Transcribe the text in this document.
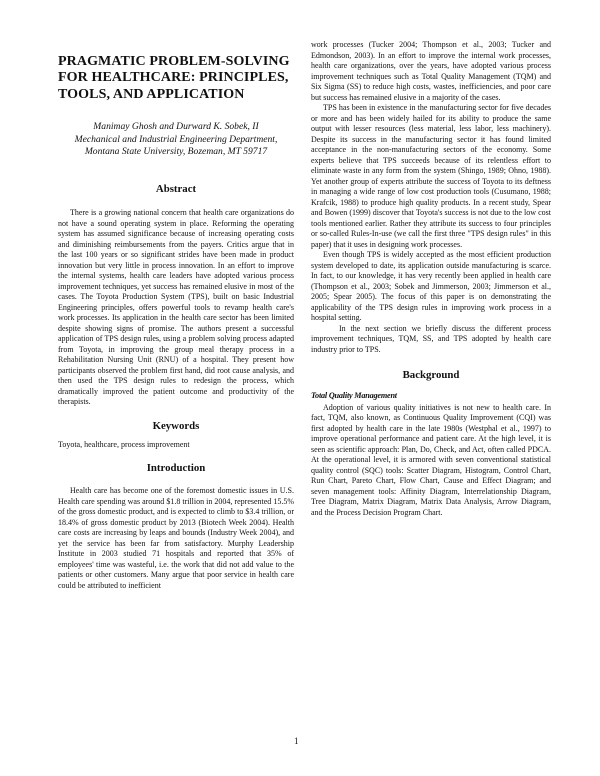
PRAGMATIC PROBLEM-SOLVING FOR HEALTHCARE: PRINCIPLES, TOOLS, AND APPLICATION
Manimay Ghosh and Durward K. Sobek, II
Mechanical and Industrial Engineering Department,
Montana State University, Bozeman, MT 59717
Abstract

There is a growing national concern that health care organizations do not have a sound operating system in place. Reforming the operating system has assumed significance because of increasing operating costs and diminishing reimbursements from the payers. Critics argue that in the last 100 years or so significant strides have been made in product innovation but very little in process innovation. In an effort to improve the internal systems, health care leaders have adopted various process improvement techniques, yet success has remained elusive in most of the cases. The Toyota Production System (TPS), built on basic Industrial Engineering principles, offers powerful tools to revamp health care's work processes. Its application in the health care sector has been limited despite showing signs of promise. The authors present a successful application of TPS design rules, using a problem solving process adapted from Toyota, in improving the group meal therapy process in a Rehabilitation Nursing Unit (RNU) of a hospital. They present how participants observed the problem first hand, did root cause analysis, and then used the TPS design rules to redesign the process, which dramatically improved the patient outcome and productivity of the therapists.

Keywords

Toyota, healthcare, process improvement

Introduction

Health care has become one of the foremost domestic issues in U.S. Health care spending was around $1.8 trillion in 2004, represented 15.5% of the gross domestic product, and is expected to climb to $3.4 trillion, or 18.4% of gross domestic product by 2013 (Biotech Week 2004). Health care costs are increasing by leaps and bounds (Industry Week 2004), and yet the service has been far from satisfactory. Murphy Leadership Institute in 2003 studied 71 hospitals and reported that 35% of employees' time was wasteful, i.e. the work that did not add value to the patients or other customers. Many argue that poor service in health care could be attributed to inefficient

work processes (Tucker 2004; Thompson et al., 2003; Tucker and Edmondson, 2003). In an effort to improve the internal work processes, health care organizations, over the years, have adopted various process improvement techniques such as Total Quality Management (TQM) and Six Sigma (SS) to reduce high costs, wastes, inefficiencies, and poor care but success has remained elusive in a majority of the cases.

TPS has been in existence in the manufacturing sector for five decades or more and has been widely hailed for its ability to produce the same output with lesser resources (less material, less labor, less machinery). Despite its success in the manufacturing sector it has found limited acceptance in the non-manufacturing sectors of the economy. Some experts believe that TPS succeeds because of its relentless effort to eliminate waste in any form from the system (Shingo, 1989; Ohno, 1988). Yet another group of experts attribute the success of Toyota to its deftness in managing a wide range of low cost production tools (Cusumano, 1988; Krafcik, 1988) to produce high quality products. In a recent study, Spear and Bowen (1999) discover that Toyota's success is not due to the low cost tools mentioned earlier. Rather they attribute its success to four principles or so-called Rules-In-use (we call the first three "TPS design rules" in this paper) that it uses in designing work processes.

Even though TPS is widely accepted as the most efficient production system developed to date, its application outside manufacturing is scarce. In fact, to our knowledge, it has very recently been applied in health care (Thompson et al., 2003; Sobek and Jimmerson, 2003; Jimmerson et al., 2005; Spear 2005). The focus of this paper is on demonstrating the applicability of the TPS design rules in improving work process in a hospital setting.

In the next section we briefly discuss the different process improvement techniques, TQM, SS, and TPS adopted by health care industry prior to TPS.

Background
Total Quality Management

Adoption of various quality initiatives is not new to health care. In fact, TQM, also known, as Continuous Quality Improvement (CQI) was first adopted by health care in the late 1980s (Westphal et al., 1997) to improve operational performance and patient care. At the high level, it is seen as scientific approach: Plan, Do, Check, and Act, often called PDCA. At the operational level, it is armored with seven conventional statistical quality control (SQC) tools: Scatter Diagram, Histogram, Control Chart, Run Chart, Pareto Chart, Flow Chart, Cause and Effect Diagram; and seven management tools: Affinity Diagram, Interrelationship Diagram, Tree Diagram, Matrix Diagram, Matrix Data Analysis, Arrow Diagram, and the Process Decision Program Chart.

1
